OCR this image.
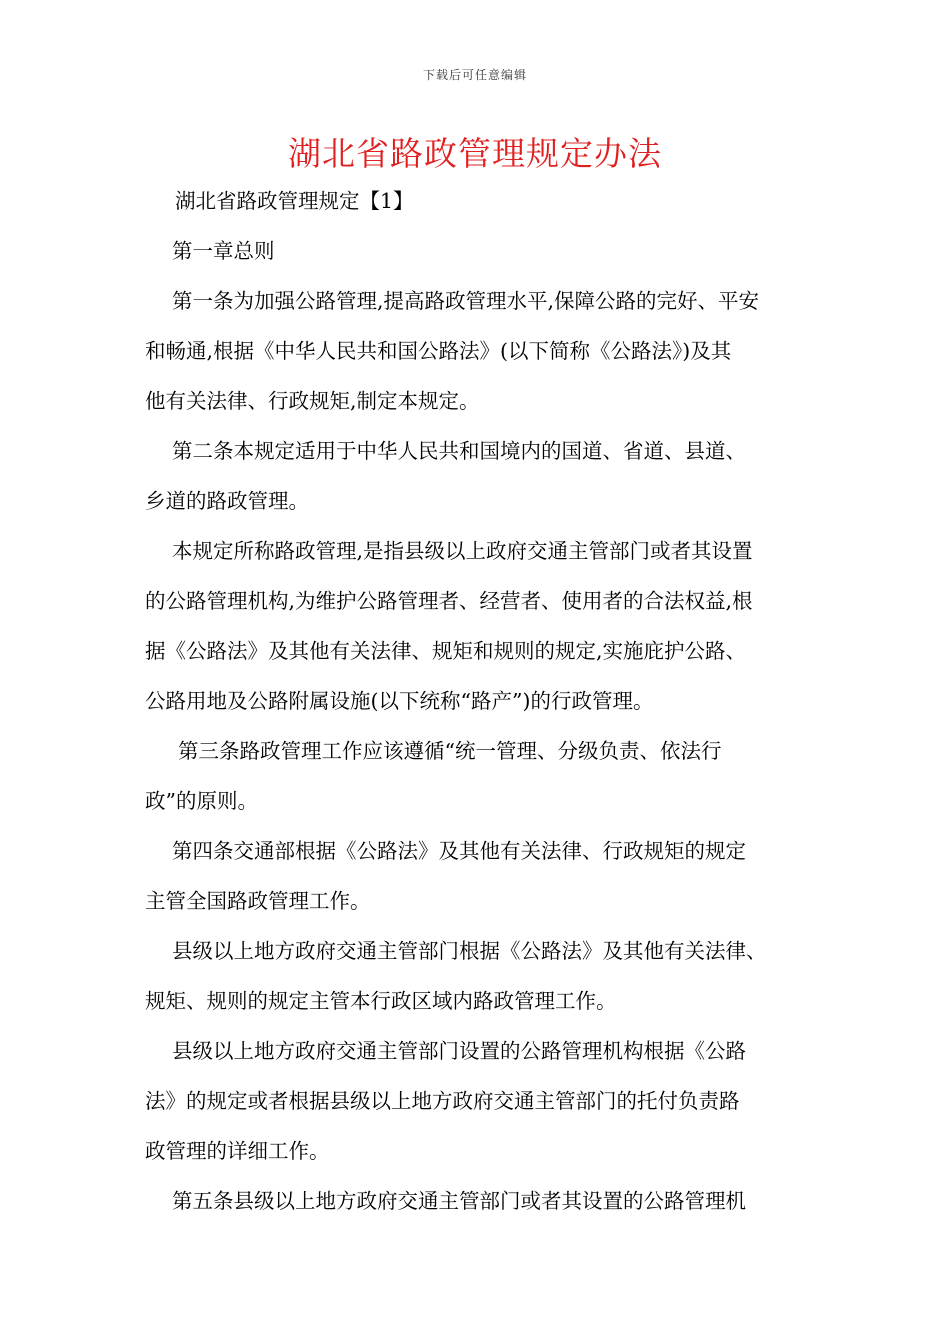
下载后可任意编辑
湖北省路政管理规定办法

湖北省路政管理规定【1】

第一章总则

第一条为加强公路管理,提高路政管理水平,保障公路的完好、平安

和畅通,根据《中华人民共和国公路法》(以下简称《公路法》)及其

他有关法律、行政规矩,制定本规定。

第二条本规定适用于中华人民共和国境内的国道、省道、县道、

乡道的路政管理。

本规定所称路政管理,是指县级以上政府交通主管部门或者其设置

的公路管理机构,为维护公路管理者、经营者、使用者的合法权益,根

据《公路法》及其他有关法律、规矩和规则的规定,实施庇护公路、

公路用地及公路附属设施(以下统称“路产”)的行政管理。

第三条路政管理工作应该遵循“统一管理、分级负责、依法行

政”的原则。

第四条交通部根据《公路法》及其他有关法律、行政规矩的规定

主管全国路政管理工作。

县级以上地方政府交通主管部门根据《公路法》及其他有关法律、

规矩、规则的规定主管本行政区域内路政管理工作。

县级以上地方政府交通主管部门设置的公路管理机构根据《公路

法》的规定或者根据县级以上地方政府交通主管部门的托付负责路

政管理的详细工作。

第五条县级以上地方政府交通主管部门或者其设置的公路管理机
